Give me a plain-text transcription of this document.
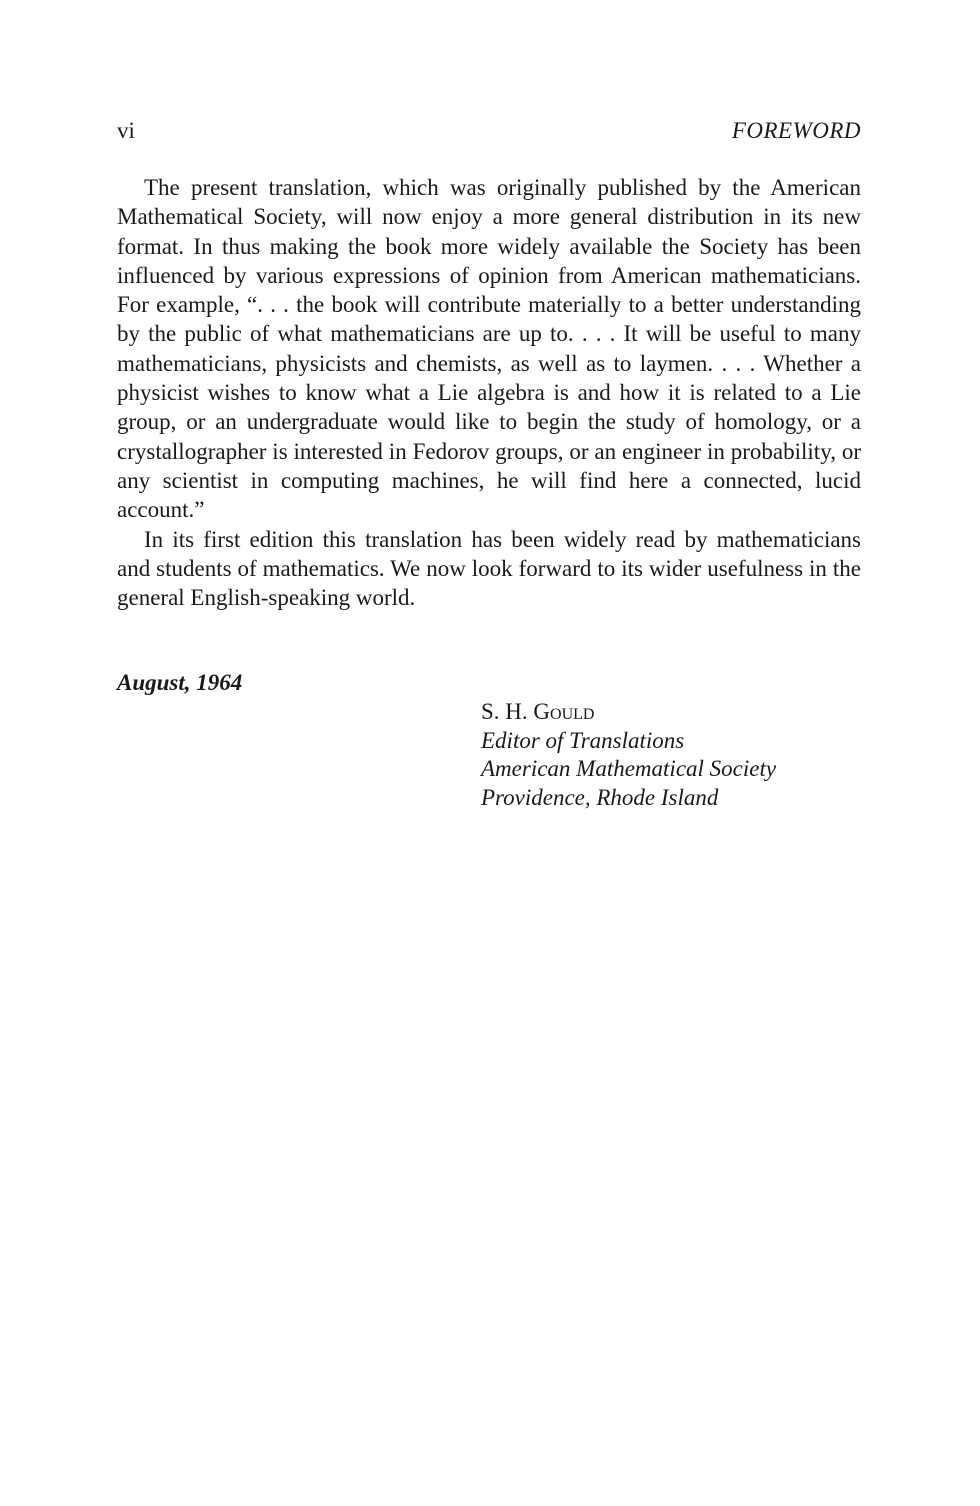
vi	FOREWORD

The present translation, which was originally published by the American Mathematical Society, will now enjoy a more general distribution in its new format. In thus making the book more widely available the Society has been influenced by various expressions of opinion from American mathematicians. For example, “. . . the book will contribute materially to a better understanding by the public of what mathematicians are up to. . . . It will be useful to many mathematicians, physicists and chemists, as well as to laymen. . . . Whether a physicist wishes to know what a Lie algebra is and how it is related to a Lie group, or an undergraduate would like to begin the study of homology, or a crystallographer is interested in Fedorov groups, or an engineer in probability, or any scientist in computing machines, he will find here a connected, lucid account.”

In its first edition this translation has been widely read by mathematicians and students of mathematics. We now look forward to its wider usefulness in the general English-speaking world.

August, 1964
S. H. Gould
Editor of Translations
American Mathematical Society
Providence, Rhode Island
